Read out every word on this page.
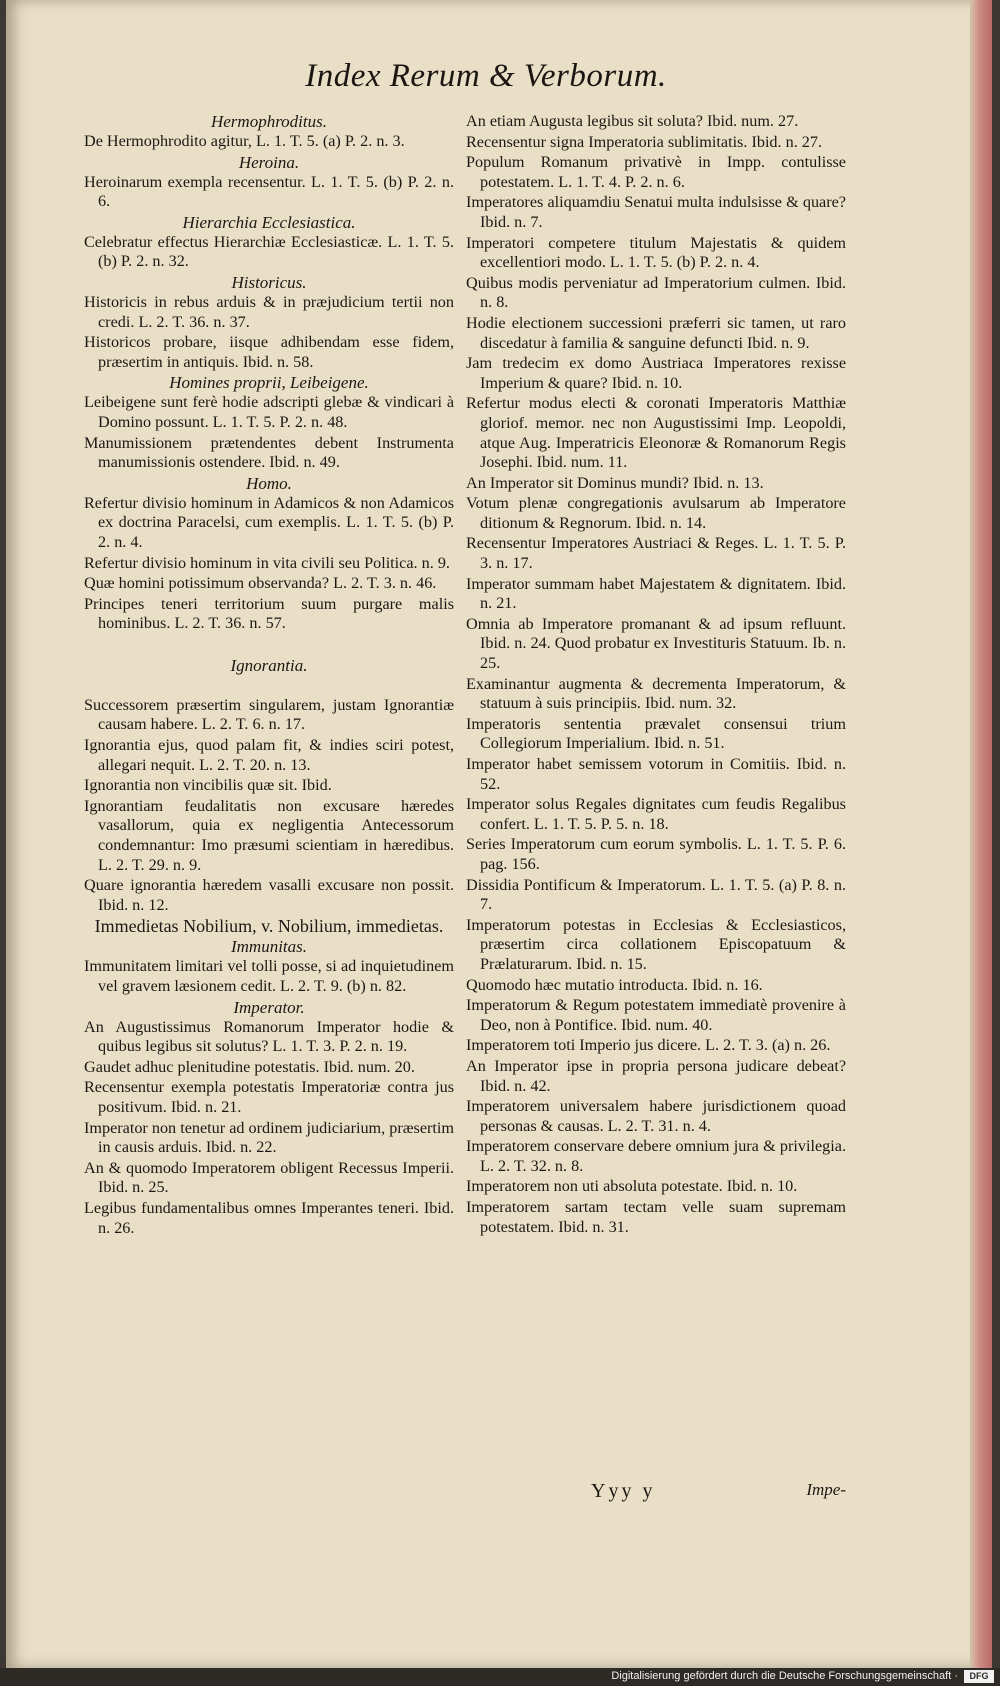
Index Rerum & Verborum.

Hermophroditus.

De Hermophrodito agitur, L. 1. T. 5. (a) P. 2. n. 3.

Heroina.

Heroinarum exempla recensentur. L. 1. T. 5. (b) P. 2. n. 6.

Hierarchia Ecclesiastica.

Celebratur effectus Hierarchiæ Ecclesiasticæ. L. 1. T. 5. (b) P. 2. n. 32.

Historicus.

Historicis in rebus arduis & in præjudicium tertii non credi. L. 2. T. 36. n. 37.

Historicos probare, iisque adhibendam esse fidem, præsertim in antiquis. Ibid. n. 58.

Homines proprii, Leibeigene.

Leibeigene sunt ferè hodie adscripti glebæ & vindicari à Domino possunt. L. 1. T. 5. P. 2. n. 48.

Manumissionem prætendentes debent Instrumenta manumissionis ostendere. Ibid. n. 49.

Homo.

Refertur divisio hominum in Adamicos & non Adamicos ex doctrina Paracelsi, cum exemplis. L. 1. T. 5. (b) P. 2. n. 4.

Refertur divisio hominum in vita civili seu Politica. n. 9.

Quæ homini potissimum observanda? L. 2. T. 3. n. 46.

Principes teneri territorium suum purgare malis hominibus. L. 2. T. 36. n. 57.

Ignorantia.

Successorem præsertim singularem, justam Ignorantiæ causam habere. L. 2. T. 6. n. 17.

Ignorantia ejus, quod palam fit, & indies sciri potest, allegari nequit. L. 2. T. 20. n. 13.

Ignorantia non vincibilis quæ sit. Ibid.

Ignorantiam feudalitatis non excusare hæredes vasallorum, quia ex negligentia Antecessorum condemnantur: Imo præsumi scientiam in hæredibus. L. 2. T. 29. n. 9.

Quare ignorantia hæredem vasalli excusare non possit. Ibid. n. 12.

Immedietas Nobilium, v. Nobilium, immedietas.

Immunitas.

Immunitatem limitari vel tolli posse, si ad inquietudinem vel gravem læsionem cedit. L. 2. T. 9. (b) n. 82.

Imperator.

An Augustissimus Romanorum Imperator hodie & quibus legibus sit solutus? L. 1. T. 3. P. 2. n. 19.

Gaudet adhuc plenitudine potestatis. Ibid. num. 20.

Recensentur exempla potestatis Imperatoriæ contra jus positivum. Ibid. n. 21.

Imperator non tenetur ad ordinem judiciarium, præsertim in causis arduis. Ibid. n. 22.

An & quomodo Imperatorem obligent Recessus Imperii. Ibid. n. 25.

Legibus fundamentalibus omnes Imperantes teneri. Ibid. n. 26.

An etiam Augusta legibus sit soluta? Ibid. num. 27.

Recensentur signa Imperatoria sublimitatis. Ibid. n. 27.

Populum Romanum privativè in Impp. contulisse potestatem. L. 1. T. 4. P. 2. n. 6.

Imperatores aliquamdiu Senatui multa indulsisse & quare? Ibid. n. 7.

Imperatori competere titulum Majestatis & quidem excellentiori modo. L. 1. T. 5. (b) P. 2. n. 4.

Quibus modis perveniatur ad Imperatorium culmen. Ibid. n. 8.

Hodie electionem successioni præferri sic tamen, ut raro discedatur à familia & sanguine defuncti Ibid. n. 9.

Jam tredecim ex domo Austriaca Imperatores rexisse Imperium & quare? Ibid. n. 10.

Refertur modus electi & coronati Imperatoris Matthiæ gloriof. memor. nec non Augustissimi Imp. Leopoldi, atque Aug. Imperatricis Eleonoræ & Romanorum Regis Josephi. Ibid. num. 11.

An Imperator sit Dominus mundi? Ibid. n. 13.

Votum plenæ congregationis avulsarum ab Imperatore ditionum & Regnorum. Ibid. n. 14.

Recensentur Imperatores Austriaci & Reges. L. 1. T. 5. P. 3. n. 17.

Imperator summam habet Majestatem & dignitatem. Ibid. n. 21.

Omnia ab Imperatore promanant & ad ipsum refluunt. Ibid. n. 24. Quod probatur ex Investituris Statuum. Ib. n. 25.

Examinantur augmenta & decrementa Imperatorum, & statuum à suis principiis. Ibid. num. 32.

Imperatoris sententia prævalet consensui trium Collegiorum Imperialium. Ibid. n. 51.

Imperator habet semissem votorum in Comitiis. Ibid. n. 52.

Imperator solus Regales dignitates cum feudis Regalibus confert. L. 1. T. 5. P. 5. n. 18.

Series Imperatorum cum eorum symbolis. L. 1. T. 5. P. 6. pag. 156.

Dissidia Pontificum & Imperatorum. L. 1. T. 5. (a) P. 8. n. 7.

Imperatorum potestas in Ecclesias & Ecclesiasticos, præsertim circa collationem Episcopatuum & Prælaturarum. Ibid. n. 15.

Quomodo hæc mutatio introducta. Ibid. n. 16.

Imperatorum & Regum potestatem immediatè provenire à Deo, non à Pontifice. Ibid. num. 40.

Imperatorem toti Imperio jus dicere. L. 2. T. 3. (a) n. 26.

An Imperator ipse in propria persona judicare debeat? Ibid. n. 42.

Imperatorem universalem habere jurisdictionem quoad personas & causas. L. 2. T. 31. n. 4.

Imperatorem conservare debere omnium jura & privilegia. L. 2. T. 32. n. 8.

Imperatorem non uti absoluta potestate. Ibid. n. 10.

Imperatorem sartam tectam velle suam supremam potestatem. Ibid. n. 31.

Yyy y	Impe-
Digitalisierung gefördert durch die Deutsche Forschungsgemeinschaft ·	DFG
